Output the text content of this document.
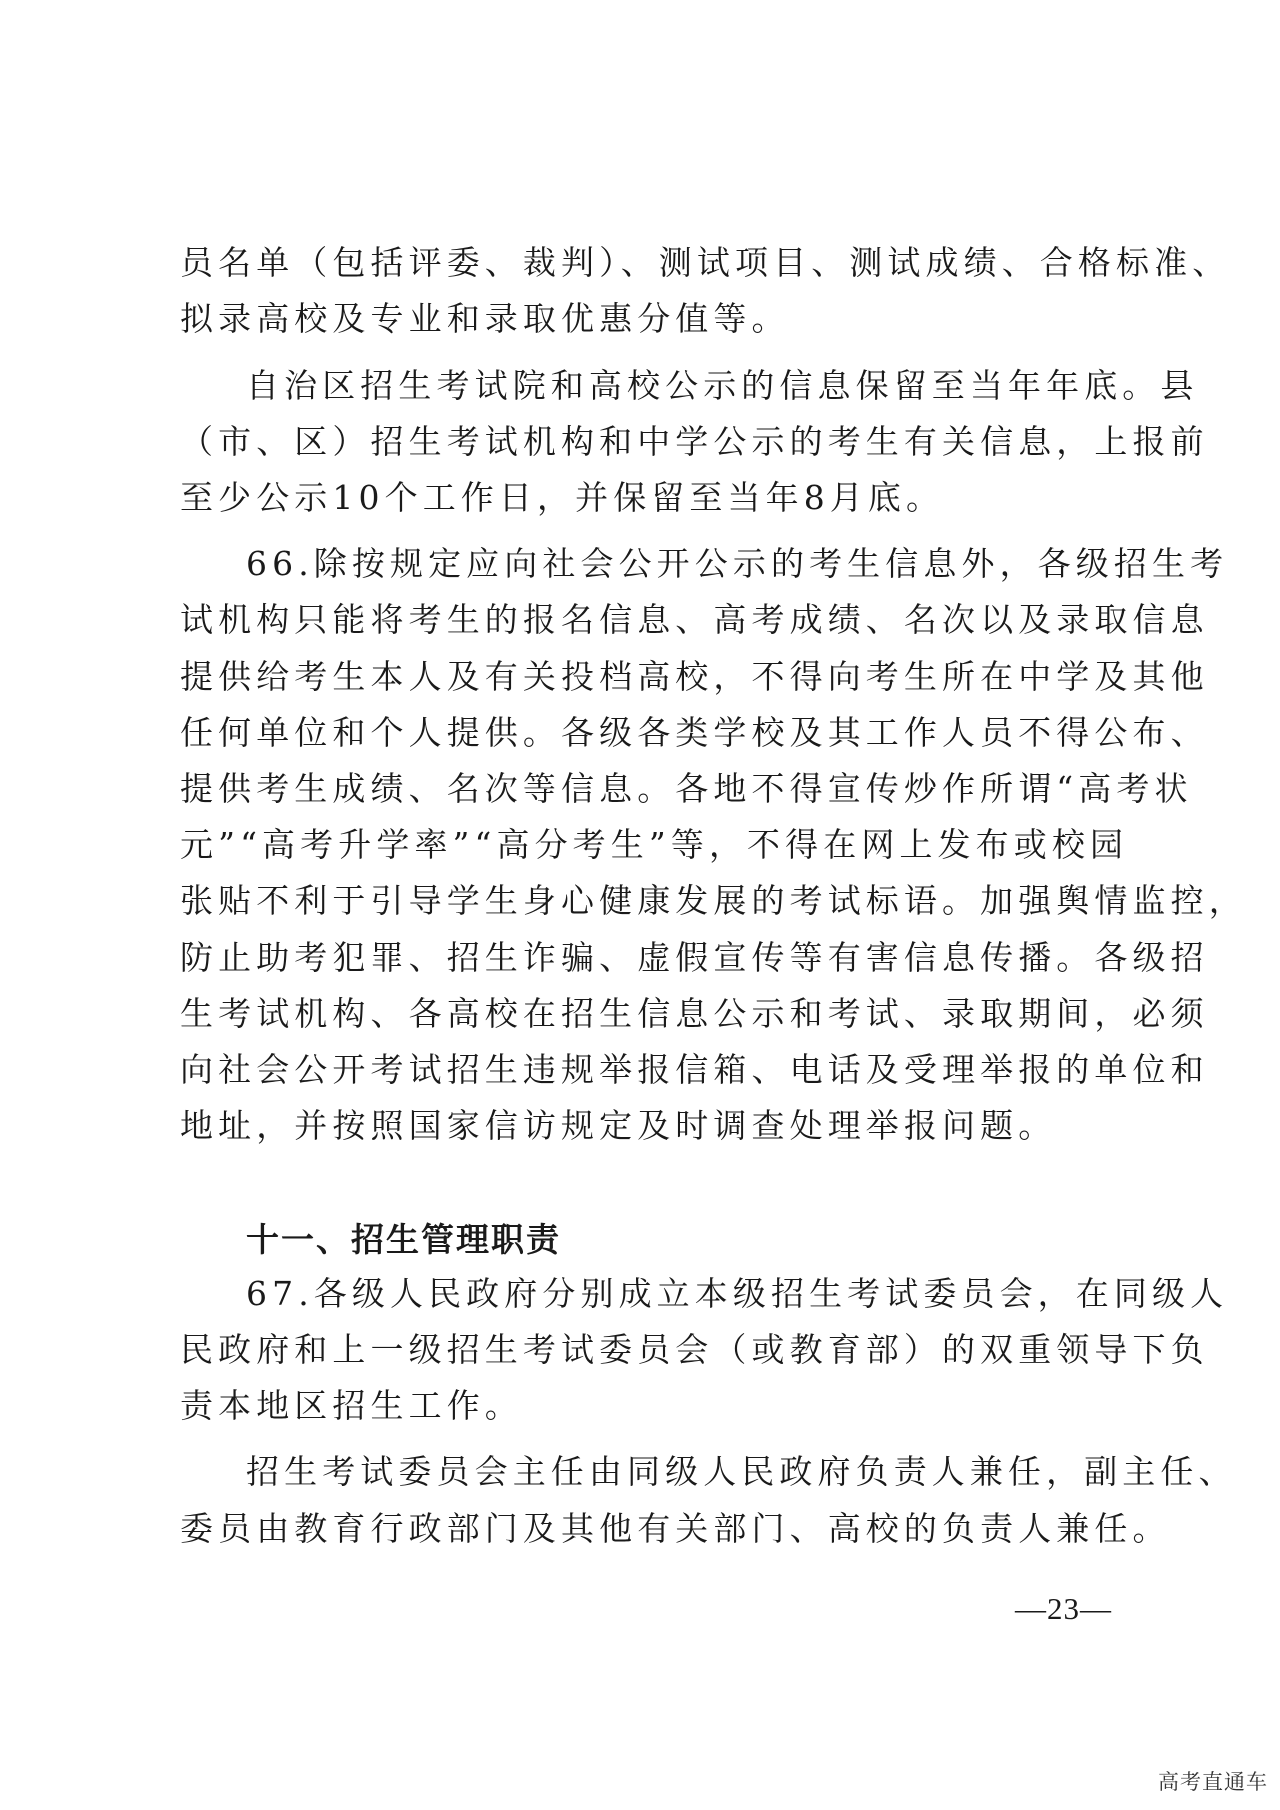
员名单（包括评委、裁判）、测试项目、测试成绩、合格标准、
拟录高校及专业和录取优惠分值等。
自治区招生考试院和高校公示的信息保留至当年年底。县
（市、区）招生考试机构和中学公示的考生有关信息，上报前
至少公示10个工作日，并保留至当年8月底。
66.除按规定应向社会公开公示的考生信息外，各级招生考
试机构只能将考生的报名信息、高考成绩、名次以及录取信息
提供给考生本人及有关投档高校，不得向考生所在中学及其他
任何单位和个人提供。各级各类学校及其工作人员不得公布、
提供考生成绩、名次等信息。各地不得宣传炒作所谓“高考状
元”“高考升学率”“高分考生”等，不得在网上发布或校园
张贴不利于引导学生身心健康发展的考试标语。加强舆情监控，
防止助考犯罪、招生诈骗、虚假宣传等有害信息传播。各级招
生考试机构、各高校在招生信息公示和考试、录取期间，必须
向社会公开考试招生违规举报信箱、电话及受理举报的单位和
地址，并按照国家信访规定及时调查处理举报问题。
十一、招生管理职责
67.各级人民政府分别成立本级招生考试委员会，在同级人
民政府和上一级招生考试委员会（或教育部）的双重领导下负
责本地区招生工作。
招生考试委员会主任由同级人民政府负责人兼任，副主任、
委员由教育行政部门及其他有关部门、高校的负责人兼任。
—23—
高考直通车
